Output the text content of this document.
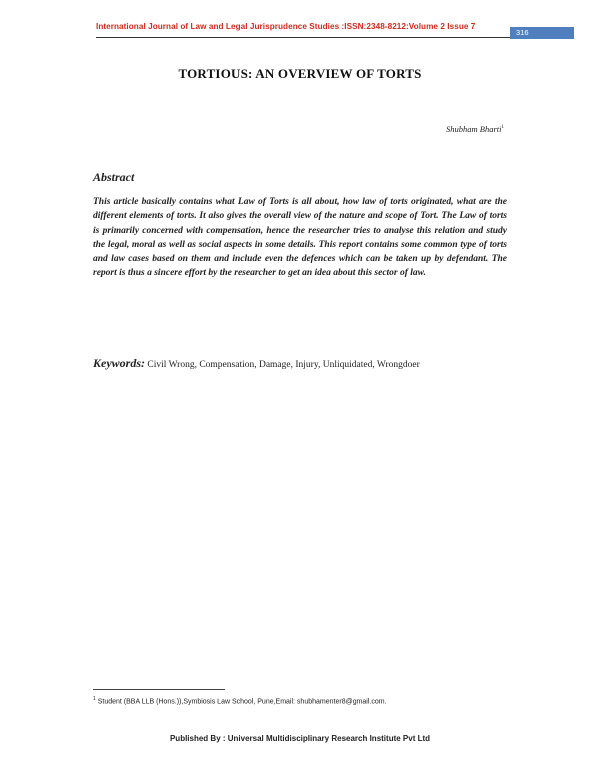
International Journal of Law and Legal Jurisprudence Studies :ISSN:2348-8212:Volume 2 Issue 7
316
TORTIOUS: AN OVERVIEW OF TORTS
Shubham Bharti$^1$
Abstract
This article basically contains what Law of Torts is all about, how law of torts originated, what are the different elements of torts. It also gives the overall view of the nature and scope of Tort. The Law of torts is primarily concerned with compensation, hence the researcher tries to analyse this relation and study the legal, moral as well as social aspects in some details. This report contains some common type of torts and law cases based on them and include even the defences which can be taken up by defendant. The report is thus a sincere effort by the researcher to get an idea about this sector of law.
Keywords: Civil Wrong, Compensation, Damage, Injury, Unliquidated, Wrongdoer
$^1$ Student (BBA LLB (Hons.)),Symbiosis Law School, Pune,Email: shubhamenter8@gmail.com.
Published By : Universal Multidisciplinary Research Institute Pvt Ltd
